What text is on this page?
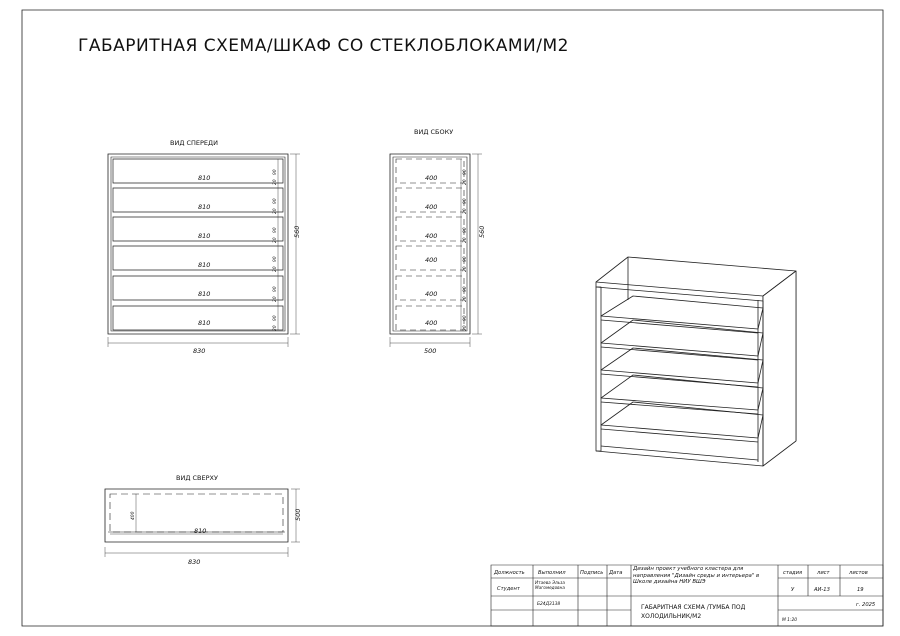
ГАБАРИТНАЯ СХЕМА/ШКАФ СО СТЕКЛОБЛОКАМИ/М2
ВИД СПЕРЕДИ
810
810
810
810
810
810
90
20
90
20
90
20
90
20
90
20
90
20
560
830
ВИД СБОКУ
400
400
400
400
400
400
90
20
90
20
90
20
90
20
90
20
90
20
560
500
ВИД СВЕРХУ
810
400	500
830
Должность	Выполнил	Подпись Дата
Студент
Итаева Эльза Магомедовна
Б24Д3138
Дизайн проект учебного кластера для направления "Дизайн среды и интерьера" в Школе дизайна НИУ ВШЭ
стадия	лист	листов
У	АИ-13	19
ГАБАРИТНАЯ СХЕМА /ТУМБА ПОД
ХОЛОДИЛЬНИК/М2
г. 2025
М 1:20
